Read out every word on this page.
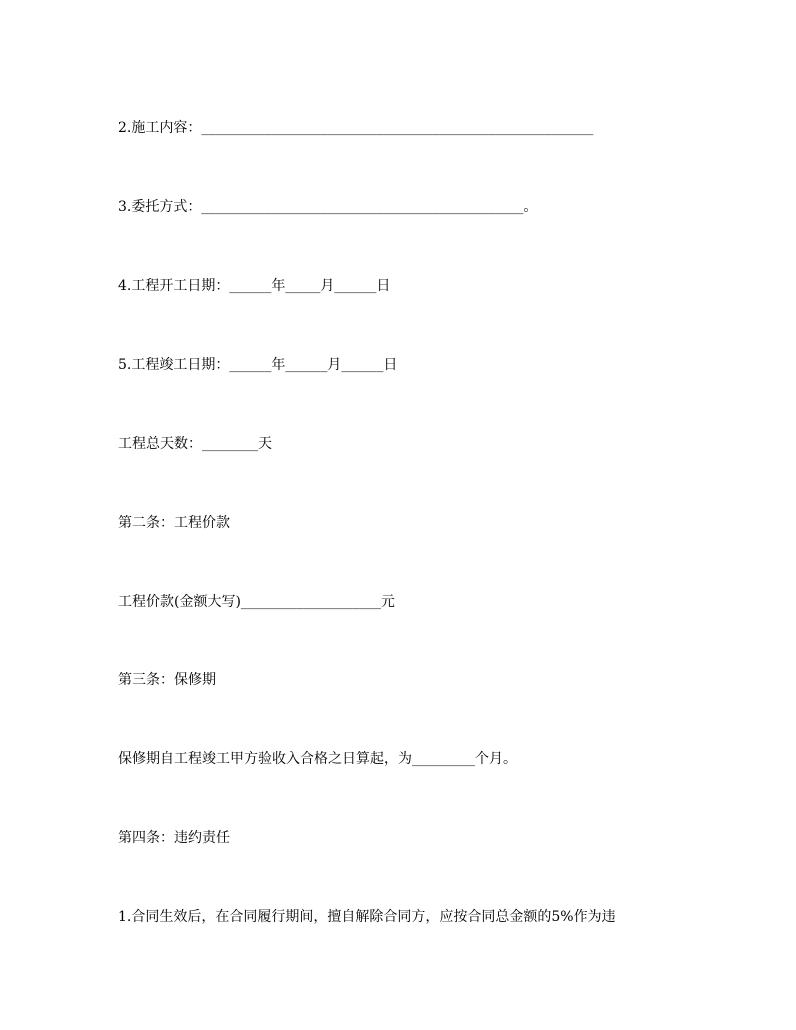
2.施工内容：________________________________________________________
3.委托方式：______________________________________________。
4.工程开工日期：______年_____月______日
5.工程竣工日期：______年______月______日
工程总天数：________天
第二条：工程价款
工程价款(金额大写)____________________元
第三条：保修期
保修期自工程竣工甲方验收入合格之日算起，为_________个月。
第四条：违约责任
1.合同生效后，在合同履行期间，擅自解除合同方，应按合同总金额的5%作为违
